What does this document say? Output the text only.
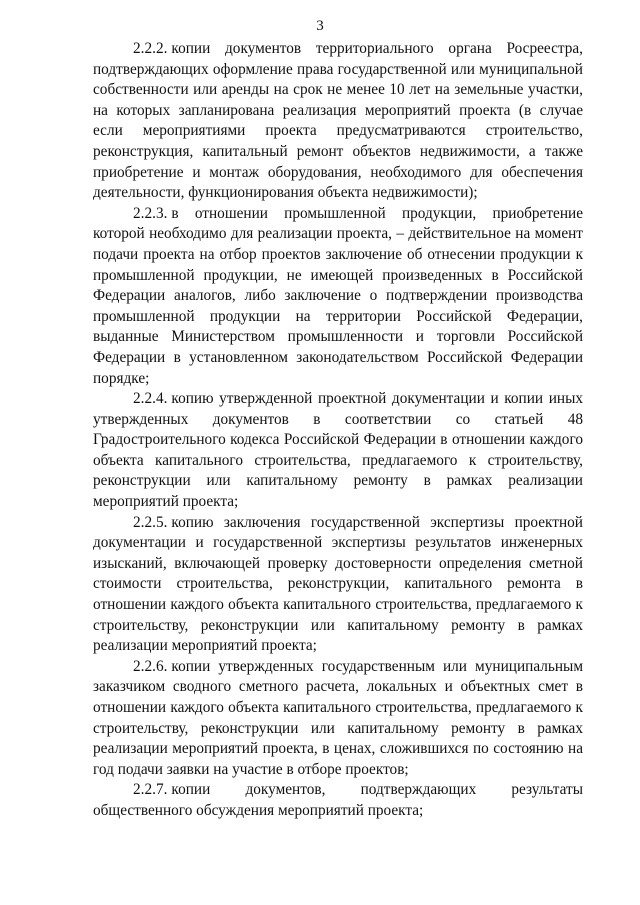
3

2.2.2. копии документов территориального органа Росреестра, подтверждающих оформление права государственной или муниципальной собственности или аренды на срок не менее 10 лет на земельные участки, на которых запланирована реализация мероприятий проекта (в случае если мероприятиями проекта предусматриваются строительство, реконструкция, капитальный ремонт объектов недвижимости, а также приобретение и монтаж оборудования, необходимого для обеспечения деятельности, функционирования объекта недвижимости);

2.2.3. в отношении промышленной продукции, приобретение которой необходимо для реализации проекта, – действительное на момент подачи проекта на отбор проектов заключение об отнесении продукции к промышленной продукции, не имеющей произведенных в Российской Федерации аналогов, либо заключение о подтверждении производства промышленной продукции на территории Российской Федерации, выданные Министерством промышленности и торговли Российской Федерации в установленном законодательством Российской Федерации порядке;

2.2.4. копию утвержденной проектной документации и копии иных утвержденных документов в соответствии со статьей 48 Градостроительного кодекса Российской Федерации в отношении каждого объекта капитального строительства, предлагаемого к строительству, реконструкции или капитальному ремонту в рамках реализации мероприятий проекта;

2.2.5. копию заключения государственной экспертизы проектной документации и государственной экспертизы результатов инженерных изысканий, включающей проверку достоверности определения сметной стоимости строительства, реконструкции, капитального ремонта в отношении каждого объекта капитального строительства, предлагаемого к строительству, реконструкции или капитальному ремонту в рамках реализации мероприятий проекта;

2.2.6. копии утвержденных государственным или муниципальным заказчиком сводного сметного расчета, локальных и объектных смет в отношении каждого объекта капитального строительства, предлагаемого к строительству, реконструкции или капитальному ремонту в рамках реализации мероприятий проекта, в ценах, сложившихся по состоянию на год подачи заявки на участие в отборе проектов;

2.2.7. копии документов, подтверждающих результаты общественного обсуждения мероприятий проекта;
